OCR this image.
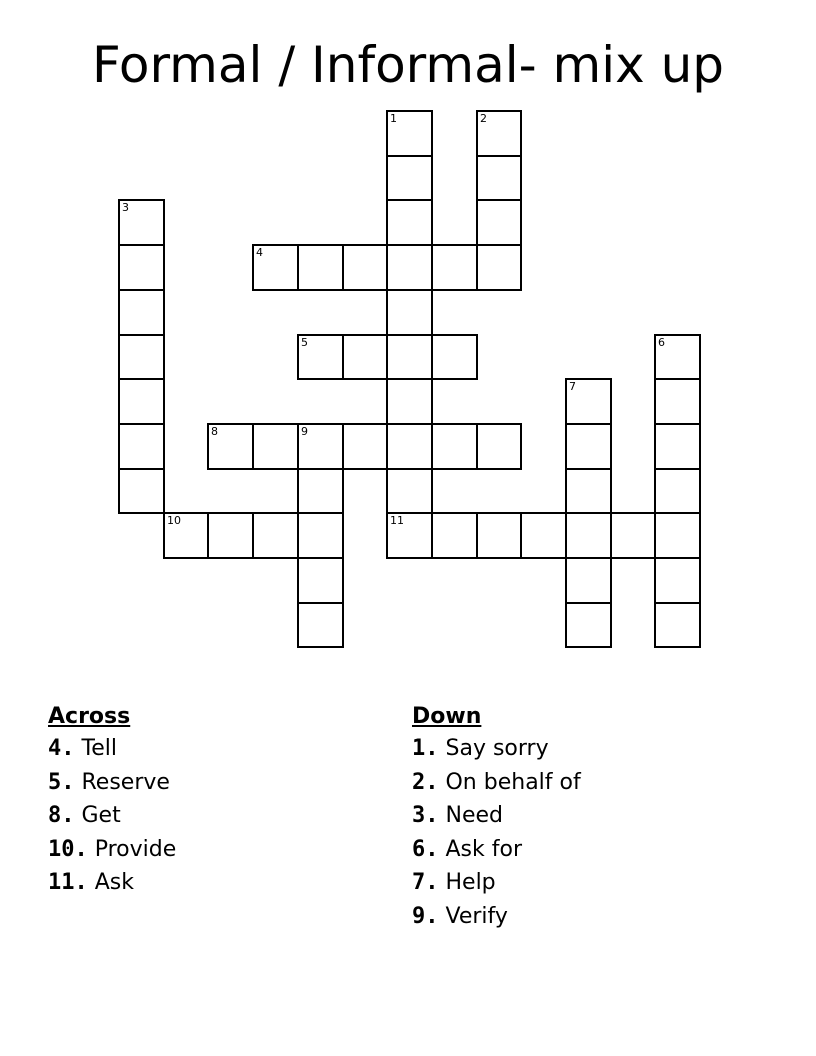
Formal / Informal- mix up
4
5
8	9
10	11
1	2
3
6
7
Across
4. Tell
5. Reserve
8. Get
10. Provide
11. Ask
Down
1. Say sorry
2. On behalf of
3. Need
6. Ask for
7. Help
9. Verify
